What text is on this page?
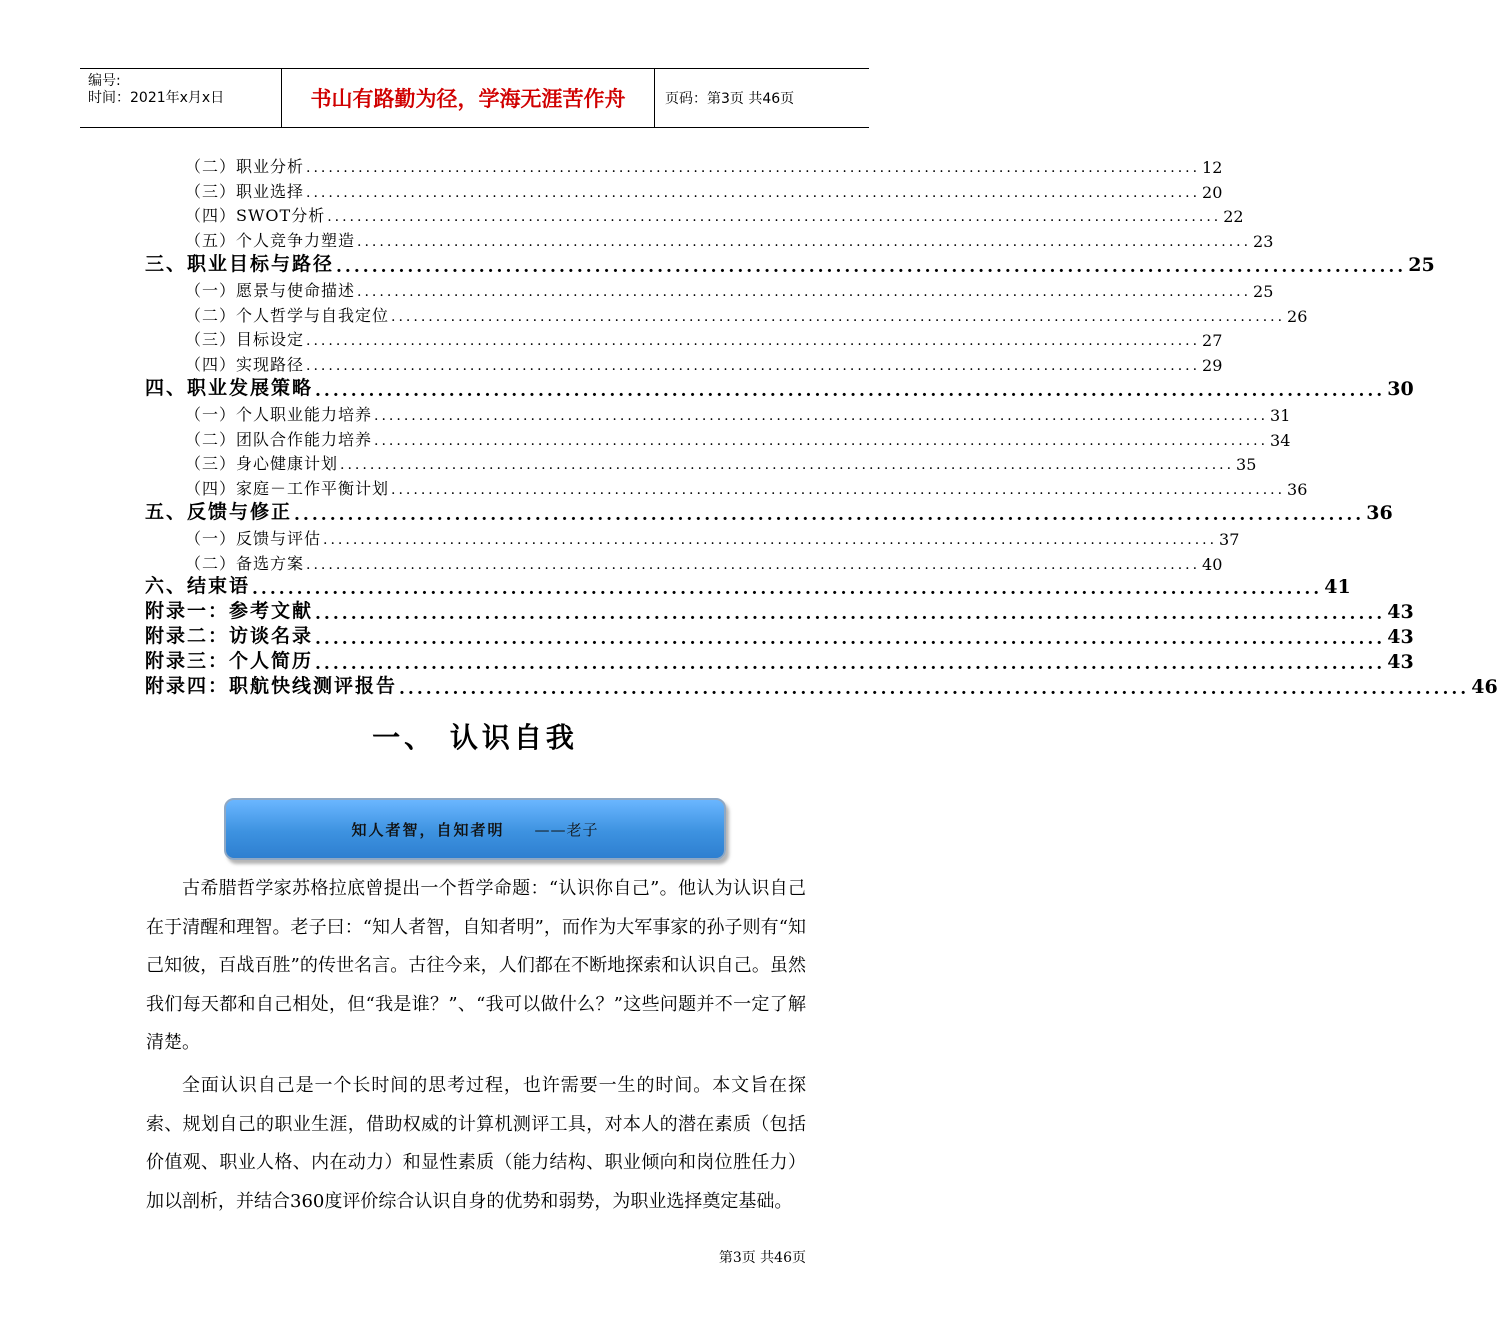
编号:
时间：2021年x月x日	书山有路勤为径，学海无涯苦作舟	页码：第3页 共46页
（二）职业分析 ........................................................................................................................ 12
（三）职业选择 ........................................................................................................................ 20
（四）SWOT分析 ........................................................................................................................ 22
（五）个人竞争力塑造 ........................................................................................................................ 23
三、职业目标与路径 ........................................................................................................................ 25
（一）愿景与使命描述 ........................................................................................................................ 25
（二）个人哲学与自我定位 ........................................................................................................................ 26
（三）目标设定 ........................................................................................................................ 27
（四）实现路径 ........................................................................................................................ 29
四、职业发展策略 ........................................................................................................................ 30
（一）个人职业能力培养 ........................................................................................................................ 31
（二）团队合作能力培养 ........................................................................................................................ 34
（三）身心健康计划 ........................................................................................................................ 35
（四）家庭－工作平衡计划 ........................................................................................................................ 36
五、反馈与修正 ........................................................................................................................ 36
（一）反馈与评估 ........................................................................................................................ 37
（二）备选方案 ........................................................................................................................ 40
六、结束语 ........................................................................................................................ 41
附录一：参考文献 ........................................................................................................................ 43
附录二：访谈名录 ........................................................................................................................ 43
附录三：个人简历 ........................................................................................................................ 43
附录四：职航快线测评报告 ........................................................................................................................ 46
一、 认识自我
知人者智，自知者明 ——老子

古希腊哲学家苏格拉底曾提出一个哲学命题：“认识你自己”。他认为认识自己在于清醒和理智。老子曰：“知人者智，自知者明”，而作为大军事家的孙子则有“知己知彼，百战百胜”的传世名言。古往今来，人们都在不断地探索和认识自己。虽然我们每天都和自己相处，但“我是谁？”、“我可以做什么？”这些问题并不一定了解清楚。

全面认识自己是一个长时间的思考过程，也许需要一生的时间。本文旨在探索、规划自己的职业生涯，借助权威的计算机测评工具，对本人的潜在素质（包括价值观、职业人格、内在动力）和显性素质（能力结构、职业倾向和岗位胜任力）加以剖析，并结合360度评价综合认识自身的优势和弱势，为职业选择奠定基础。

第3页 共46页
